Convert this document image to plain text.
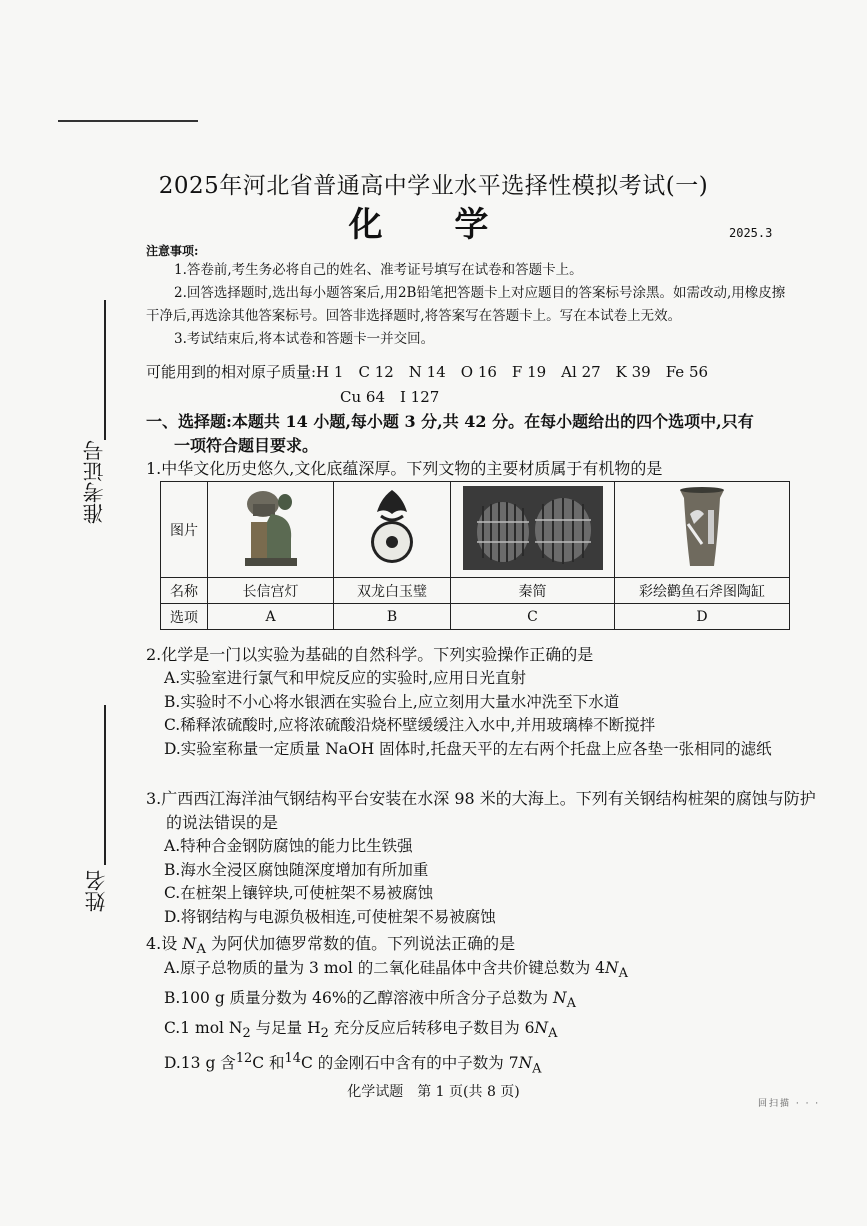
准考证号
姓名
2025年河北省普通高中学业水平选择性模拟考试(一)
化 学	2025.3
注意事项:

1.答卷前,考生务必将自己的姓名、准考证号填写在试卷和答题卡上。

2.回答选择题时,选出每小题答案后,用2B铅笔把答题卡上对应题目的答案标号涂黑。如需改动,用橡皮擦干净后,再选涂其他答案标号。回答非选择题时,将答案写在答题卡上。写在本试卷上无效。

3.考试结束后,将本试卷和答题卡一并交回。

可能用到的相对原子质量:H 1　C 12　N 14　O 16　F 19　Al 27　K 39　Fe 56
Cu 64　I 127
一、选择题:本题共 14 小题,每小题 3 分,共 42 分。在每小题给出的四个选项中,只有
一项符合题目要求。
1.中华文化历史悠久,文化底蕴深厚。下列文物的主要材质属于有机物的是
图片				
名称	长信宫灯	双龙白玉璧	秦简	彩绘鹳鱼石斧图陶缸
选项	A	B	C	D
2.化学是一门以实验为基础的自然科学。下列实验操作正确的是
A.实验室进行氯气和甲烷反应的实验时,应用日光直射
B.实验时不小心将水银洒在实验台上,应立刻用大量水冲洗至下水道
C.稀释浓硫酸时,应将浓硫酸沿烧杯壁缓缓注入水中,并用玻璃棒不断搅拌
D.实验室称量一定质量 NaOH 固体时,托盘天平的左右两个托盘上应各垫一张相同的滤纸
3.广西西江海洋油气钢结构平台安装在水深 98 米的大海上。下列有关钢结构桩架的腐蚀与防护的说法错误的是
A.特种合金钢防腐蚀的能力比生铁强
B.海水全浸区腐蚀随深度增加有所加重
C.在桩架上镶锌块,可使桩架不易被腐蚀
D.将钢结构与电源负极相连,可使桩架不易被腐蚀
4.设 $N_A$ 为阿伏加德罗常数的值。下列说法正确的是
A.原子总物质的量为 3 mol 的二氧化硅晶体中含共价键总数为 $4N_A$
B.100 g 质量分数为 46%的乙醇溶液中所含分子总数为 $N_A$
C.1 mol $N_2$ 与足量 $H_2$ 充分反应后转移电子数目为 $6N_A$
D.13 g 含$^{12}$C 和$^{14}$C 的金刚石中含有的中子数为 $7N_A$
化学试题　第 1 页(共 8 页)
回扫描 · · ·
